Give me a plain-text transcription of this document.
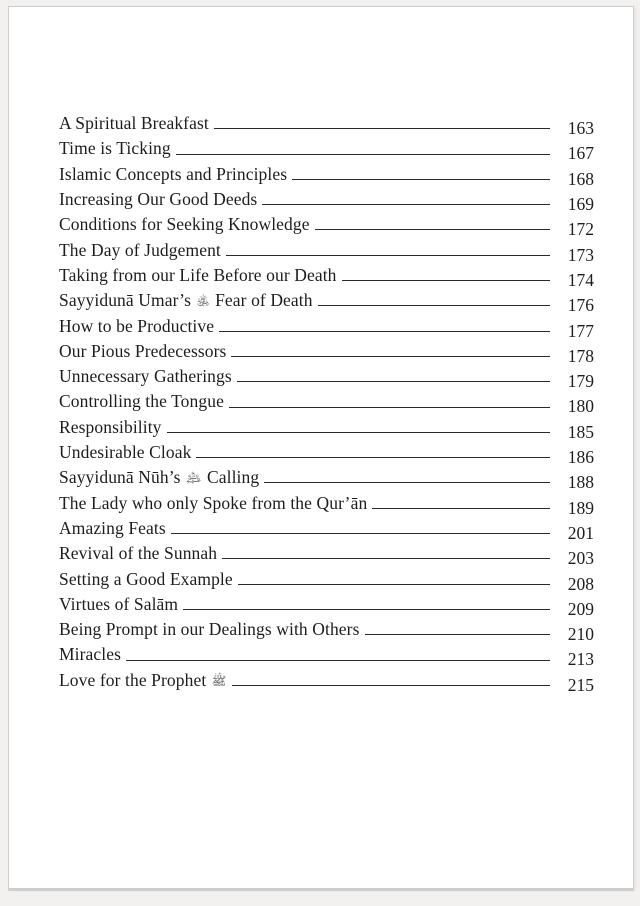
A Spiritual Breakfast	163
Time is Ticking	167
Islamic Concepts and Principles	168
Increasing Our Good Deeds	169
Conditions for Seeking Knowledge	172
The Day of Judgement	173
Taking from our Life Before our Death	174
Sayyidunā Umar’s ﵁ Fear of Death	176
How to be Productive	177
Our Pious Predecessors	178
Unnecessary Gatherings	179
Controlling the Tongue	180
Responsibility	185
Undesirable Cloak	186
Sayyidunā Nūh’s ﵇ Calling	188
The Lady who only Spoke from the Qur’ān	189
Amazing Feats	201
Revival of the Sunnah	203
Setting a Good Example	208
Virtues of Salām	209
Being Prompt in our Dealings with Others	210
Miracles	213
Love for the Prophet ﷺ	215
